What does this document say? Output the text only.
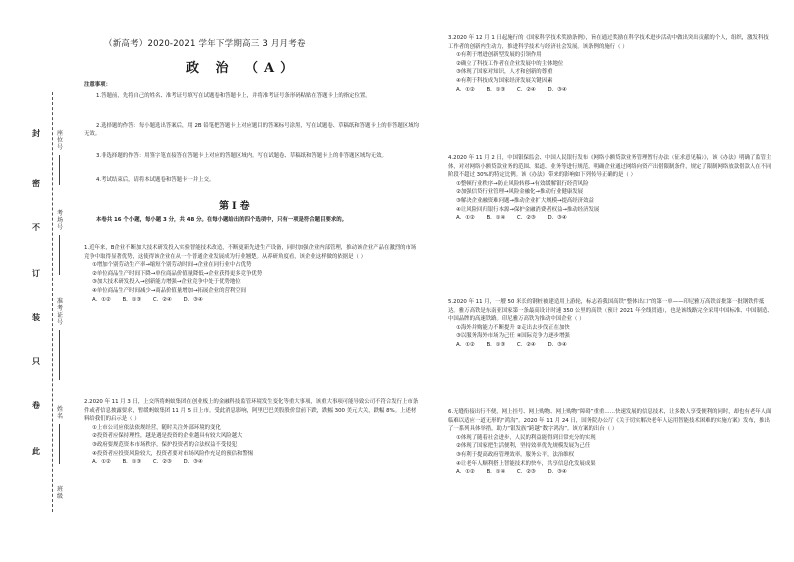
封
密
不
订
装
只
卷
此
座位号
考场号
准考证号
姓名
班级
（新高考）2020-2021 学年下学期高三 3 月月考卷
政 治 （A）
注意事项：
1.答题前，先将自己的姓名、准考证号填写在试题卷和答题卡上，并将准考证号条形码粘贴在答题卡上的指定位置。
2.选择题的作答：每小题选出答案后，用 2B 铅笔把答题卡上对应题目的答案标号涂黑，写在试题卷、草稿纸和答题卡上的非答题区域均无效。
3.非选择题的作答：用签字笔直接答在答题卡上对应的答题区域内。写在试题卷、草稿纸和答题卡上的非答题区域均无效。
4.考试结束后，请将本试题卷和答题卡一并上交。
第Ⅰ卷
本卷共 16 个小题，每小题 3 分，共 48 分。在每小题给出的四个选项中，只有一项是符合题目要求的。
1.近年来，B企业不断加大技术研发投入实验智能技术改造，不断更新先进生产设备，同时加强企业内部管理，推动该企业产品在激烈的市场竞争中取得显著优势，这使得该企业在从一个普通企业发展成为行业翘楚。从养研角度看，该企业这样做的依据是（ ）
①增加个别劳动生产率→缩短个别劳动时间→企业在同行业中占优势
②单位商品生产时间下降→单位商品价值量降低→企业获得更多竞争优势
③加大技术研发投入→创新能力增强→企业竞争中处于优势地位
④单位商品生产时间减少→商品价值量增加→拓展企业的营利空间
A．①② B．①③ C．②④ D．③④
2.2020 年 11 月 3 日，上交所将蚂蚁集团在创业板上的金融科技监管环境发生变化等重大事项，该重大事项可能导致公司不符合发行上市条件或者信息披露要求，暂缓蚂蚁集团 11 月 5 日上市。受此消息影响，阿里巴巴美股股价盘前下跌，跌幅 300 美元大关，跌幅 8%。上述材料给我们的启示是（ ）
①上市公司应依法依规经营，随时关注外部环境的变化
②投资者应保持理性，越是遇是投资的企业越具有较大风险越大
③政府要规范资本市场秩序，保护投资者的合法权益不受侵犯
④投资者应投资风险较大，投资者要对市场风险作充足的预估和警惕
A．①② B．①③ C．②③ D．③④
3.2020 年 12 月 1 日起施行的《国家科学技术奖励条例》，旨在通过奖励在科学技术进步活动中做出突出贡献的个人，组织，激发科技工作者的创新内生动力，推进科学技术与经济社会发展。该条例的施行（ ）
①有利于增进创新型发展的引领作用
②确立了科技工作者在企业发展中的主体地位
③体现了国家对知识，人才和创新的尊重
④有利于科技成为国家经济发展关键因素
A．①② B．①③ C．②④ D．③④
4.2020 年 11 月 2 日，中国银保监会、中国人民银行发布《网络小额贷款业务管理暂行办法（征求意见稿）》，该《办法》明确了监管主体，对对网络小额贷款业务的范围、渠道、业务等进行规范，明确企业通过网络向资产出借限制条件，规定了限制网络放款借款人在不同阶段不超过 30%的特定比例。该《办法》带来的影响如下列传导正确的是（ ）
①整顿行业秩序→防止风险转移→有效缓解银行经营风险
②加强信贷行业管理→风险金融化→推动行业健康发展
③解决企业融资难问题→推动企业扩大规模→提高经济效益
④让风险回归银行本源→保护金融消费者权益→推动经济发展
A．①② B．①④ C．②③ D．③④
5.2020 年 11 月，一艘 50 米长的钢桩被建造用上游轮，标志着我国高铁“整体出口”的第一单——印尼雅万高铁首批第一批钢铁件抵达。雅万高铁是东南亚国家第一条最高设计时速 350 公里的高铁（预计 2021 年全线贯通），也是该线路完全采用中国标准、中国制造、中国品牌的高速铁路。印尼雅万高铁为推动中国企业（ ）
①海外并购能力不断提升 ②走出去步伐正在加快
③以服务海外市场为己任 ④国际竞争力逐步增强
A．①② B．①③ C．②④ D．③④
6.无缝衔接出行不便，网上挂号、网上购物、网上购物“障碍”重重……快速发展的信息技术，让多数人享受便利的同时，却也有老年人面临难以适应一道无形的“鸿沟”。2020 年 11 月 24 日，国务院办公厅《关于切实解决老年人运用智能技术困难的实施方案》发布，推出了一系列具体举措，助力“银发族”跨越“数字鸿沟”。该方案的出台（ ）
①体现了随着社会进步，人民的利益能得到日常充分的实现
②体现了国家把生活便利，坚持效率优先规模发展为己任
③有利于提高政府管理效率，服务公平，法治维权
④让老年人顺利搭上智能技术的快车，共享信息化发展成果
A．①② B．①④ C．②③ D．③④
